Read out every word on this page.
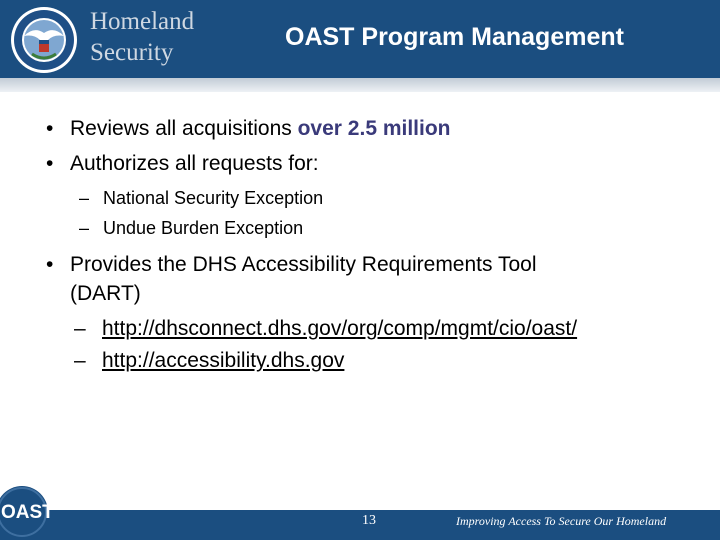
Homeland
Security
OAST Program Management
• Reviews all acquisitions over 2.5 million
• Authorizes all requests for:
– National Security Exception
– Undue Burden Exception
• Provides the DHS Accessibility Requirements Tool
(DART)
– http://dhsconnect.dhs.gov/org/comp/mgmt/cio/oast/
– http://accessibility.dhs.gov
OAST	13	Improving Access To Secure Our Homeland
